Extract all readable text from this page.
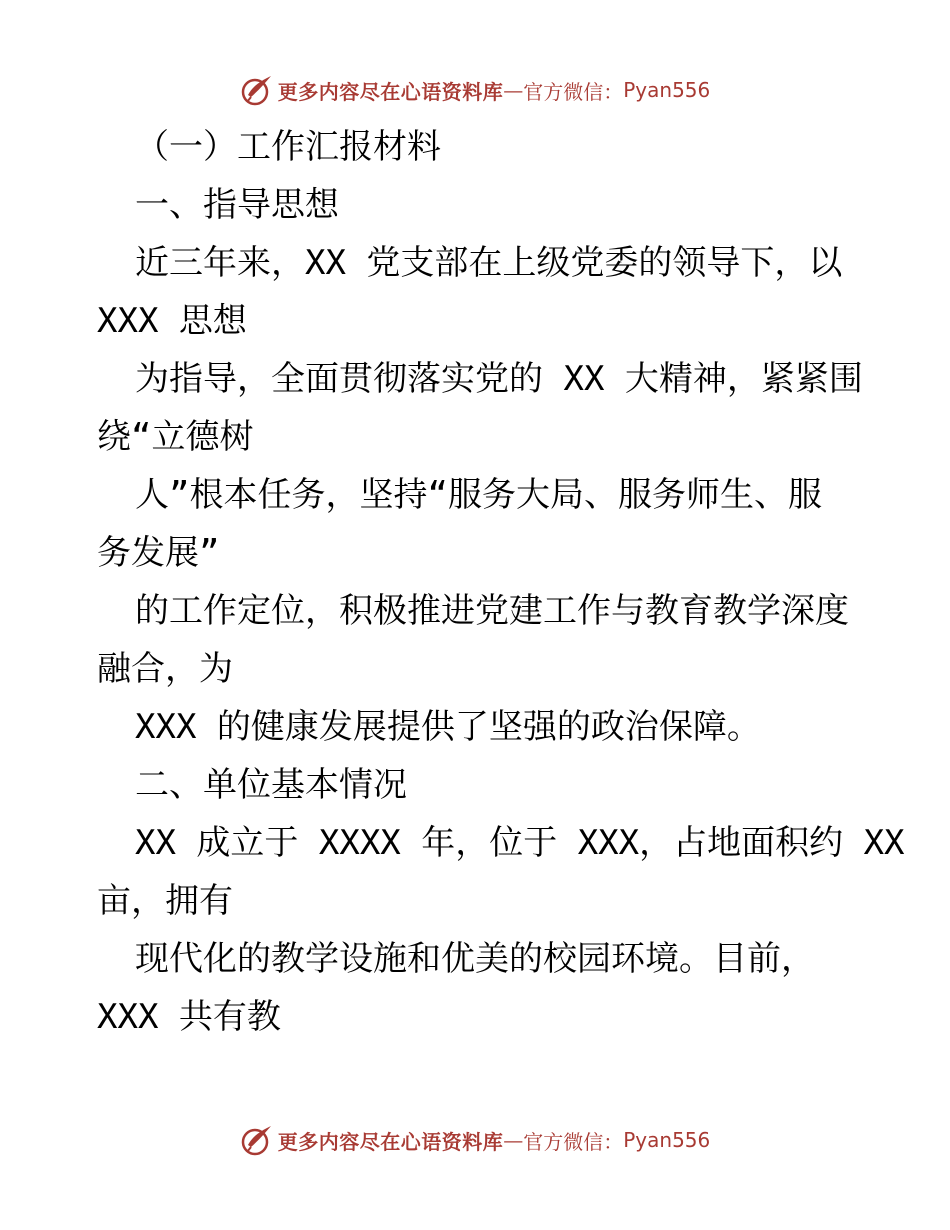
更多内容尽在心语资料库 — 官方微信： Pyan556
（一）工作汇报材料
一、指导思想
近三年来，XX 党支部在上级党委的领导下，以
XXX 思想
为指导，全面贯彻落实党的 XX 大精神，紧紧围
绕“立德树
人”根本任务，坚持“服务大局、服务师生、服
务发展”
的工作定位，积极推进党建工作与教育教学深度
融合，为
XXX 的健康发展提供了坚强的政治保障。
二、单位基本情况
XX 成立于 XXXX 年，位于 XXX，占地面积约 XX
亩，拥有
现代化的教学设施和优美的校园环境。目前，
XXX 共有教
更多内容尽在心语资料库 — 官方微信： Pyan556
